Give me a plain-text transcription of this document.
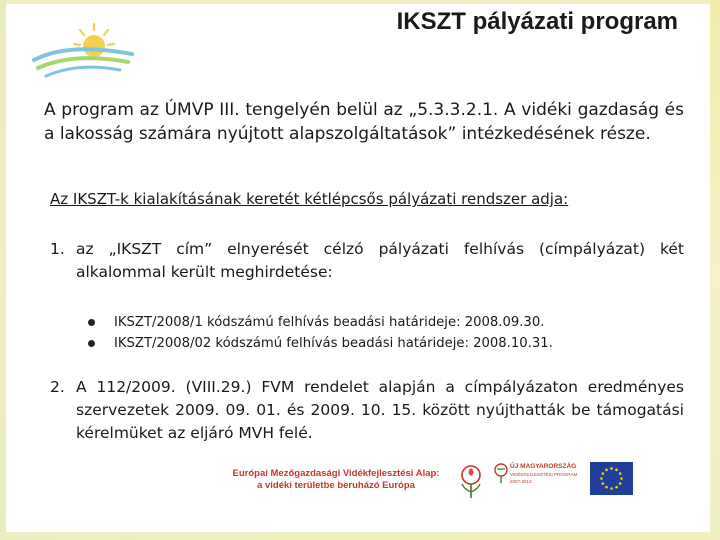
IKSZT pályázati program

A program az ÚMVP III. tengelyén belül az „5.3.3.2.1. A vidéki gazdaság és a lakosság számára nyújtott alapszolgáltatások” intézkedésének része.

Az IKSZT-k kialakításának keretét kétlépcsős pályázati rendszer adja:
1. az „IKSZT cím” elnyerését célzó pályázati felhívás (címpályázat) két alkalommal került meghirdetése:
IKSZT/2008/1 kódszámú felhívás beadási határideje: 2008.09.30.
IKSZT/2008/02 kódszámú felhívás beadási határideje: 2008.10.31.
2. A 112/2009. (VIII.29.) FVM rendelet alapján a címpályázaton eredményes szervezetek 2009. 09. 01. és 2009. 10. 15. között nyújthatták be támogatási kérelmüket az eljáró MVH felé.
Európai Mezőgazdasági Vidékfejlesztési Alap:
a vidéki területbe beruházó Európa
ÚJ MAGYARORSZÁG
VIDÉKFEJLESZTÉSI PROGRAM
2007-2013
